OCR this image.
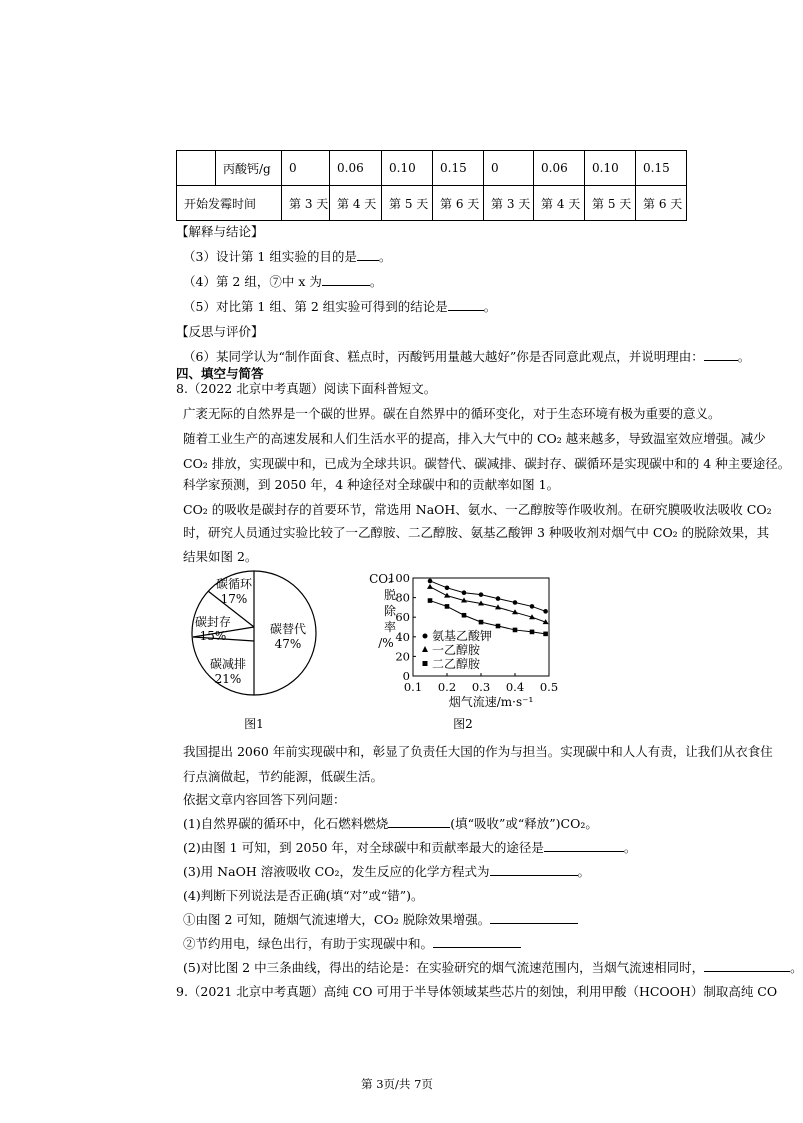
	丙酸钙/g	0	0.06	0.10	0.15	0	0.06	0.10	0.15
开始发霉时间		第 3 天	第 4 天	第 5 天	第 6 天	第 3 天	第 4 天	第 5 天	第 6 天
【解释与结论】
（3）设计第 1 组实验的目的是 。
（4）第 2 组，⑦中 x 为	。
（5）对比第 1 组、第 2 组实验可得到的结论是	。
【反思与评价】
（6）某同学认为“制作面食、糕点时，丙酸钙用量越大越好”你是否同意此观点，并说明理由：	。
四、填空与简答
8.（2022 北京中考真题）阅读下面科普短文。
广袤无际的自然界是一个碳的世界。碳在自然界中的循环变化，对于生态环境有极为重要的意义。
随着工业生产的高速发展和人们生活水平的提高，排入大气中的 CO₂ 越来越多，导致温室效应增强。减少
CO₂ 排放，实现碳中和，已成为全球共识。碳替代、碳减排、碳封存、碳循环是实现碳中和的 4 种主要途径。
科学家预测，到 2050 年，4 种途径对全球碳中和的贡献率如图 1。
CO₂ 的吸收是碳封存的首要环节，常选用 NaOH、氨水、一乙醇胺等作吸收剂。在研究膜吸收法吸收 CO₂
时，研究人员通过实验比较了一乙醇胺、二乙醇胺、氨基乙酸钾 3 种吸收剂对烟气中 CO₂ 的脱除效果，其
结果如图 2。
碳循环
17%
碳封存
15%
碳减排
21%
碳替代
47%
图1
0
20
40
60
80
100
0.1 0.2 0.3 0.4 0.5
CO₂
脱
除
率
/%
烟气流速/m·s⁻¹
氨基乙酸钾
一乙醇胺
二乙醇胺
图2
我国提出 2060 年前实现碳中和，彰显了负责任大国的作为与担当。实现碳中和人人有责，让我们从衣食住
行点滴做起，节约能源，低碳生活。
依据文章内容回答下列问题：
(1)自然界碳的循环中，化石燃料燃烧	(填“吸收”或“释放”)CO₂。
(2)由图 1 可知，到 2050 年，对全球碳中和贡献率最大的途径是	。
(3)用 NaOH 溶液吸收 CO₂，发生反应的化学方程式为	。
(4)判断下列说法是否正确(填“对”或“错”)。
①由图 2 可知，随烟气流速增大，CO₂ 脱除效果增强。
②节约用电，绿色出行，有助于实现碳中和。
(5)对比图 2 中三条曲线，得出的结论是：在实验研究的烟气流速范围内，当烟气流速相同时，	。
9.（2021 北京中考真题）高纯 CO 可用于半导体领域某些芯片的刻蚀，利用甲酸（HCOOH）制取高纯 CO
第 3页/共 7页
